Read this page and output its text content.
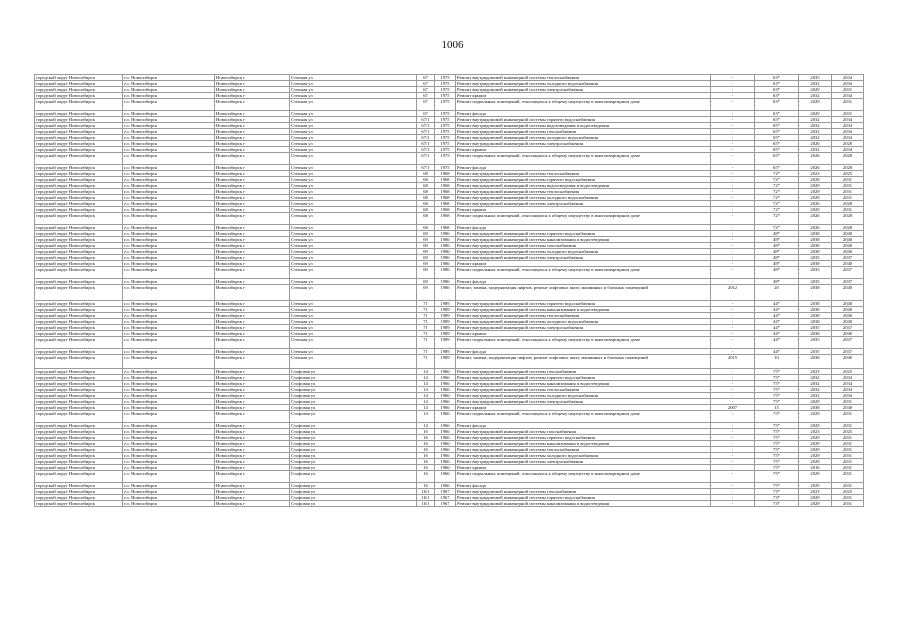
1006
городской округ Новосибирск	г.о. Новосибирск	Новосибирск г	Степная ул	67	1975	Ремонт внутридомовой инженерной системы теплоснабжения	-	63*	2035	2034
городской округ Новосибирск	г.о. Новосибирск	Новосибирск г	Степная ул	67	1975	Ремонт внутридомовой инженерной системы холодного водоснабжения	-	63*	2032	2034
городской округ Новосибирск	г.о. Новосибирск	Новосибирск г	Степная ул	67	1975	Ремонт внутридомовой инженерной системы электроснабжения	-	63*	2029	2031
городской округ Новосибирск	г.о. Новосибирск	Новосибирск г	Степная ул	67	1975	Ремонт крыши	-	63*	2032	2034
городской округ Новосибирск	г.о. Новосибирск	Новосибирск г	Степная ул	67	1975	Ремонт подвальных помещений, относящихся к общему имуществу в многоквартирном доме	-	63*	2029	2031
городской округ Новосибирск	г.о. Новосибирск	Новосибирск г	Степная ул	67	1975	Ремонт фасада	-	63*	2029	2031
городской округ Новосибирск	г.о. Новосибирск	Новосибирск г	Степная ул	67/1	1975	Ремонт внутридомовой инженерной системы горячего водоснабжения	-	65*	2032	2034
городской округ Новосибирск	г.о. Новосибирск	Новосибирск г	Степная ул	67/1	1975	Ремонт внутридомовой инженерной системы водоотведения и водоотведения	-	65*	2032	2034
городской округ Новосибирск	г.о. Новосибирск	Новосибирск г	Степная ул	67/1	1975	Ремонт внутридомовой инженерной системы газоснабжения	-	65*	2032	2034
городской округ Новосибирск	г.о. Новосибирск	Новосибирск г	Степная ул	67/1	1975	Ремонт внутридомовой инженерной системы холодного водоснабжения	-	65*	2032	2034
городской округ Новосибирск	г.о. Новосибирск	Новосибирск г	Степная ул	67/1	1975	Ремонт внутридомовой инженерной системы электроснабжения	-	65*	2026	2028
городской округ Новосибирск	г.о. Новосибирск	Новосибирск г	Степная ул	67/1	1975	Ремонт крыши	-	65*	2032	2034
городской округ Новосибирск	г.о. Новосибирск	Новосибирск г	Степная ул	67/1	1975	Ремонт подвальных помещений, относящихся к общему имуществу в многоквартирном доме	-	65*	2026	2028
городской округ Новосибирск	г.о. Новосибирск	Новосибирск г	Степная ул	67/1	1975	Ремонт фасада	-	65*	2026	2028
городской округ Новосибирск	г.о. Новосибирск	Новосибирск г	Степная ул	68	1968	Ремонт внутридомовой инженерной системы теплоснабжения	-	72*	2023	2025
городской округ Новосибирск	г.о. Новосибирск	Новосибирск г	Степная ул	68	1968	Ремонт внутридомовой инженерной системы горячего водоснабжения	-	72*	2028	2031
городской округ Новосибирск	г.о. Новосибирск	Новосибирск г	Степная ул	68	1968	Ремонт внутридомовой инженерной системы водоотведения и водоотведения	-	72*	2029	2031
городской округ Новосибирск	г.о. Новосибирск	Новосибирск г	Степная ул	68	1968	Ремонт внутридомовой инженерной системы теплоснабжения	-	72*	2029	2031
городской округ Новосибирск	г.о. Новосибирск	Новосибирск г	Степная ул	68	1968	Ремонт внутридомовой инженерной системы холодного водоснабжения	-	72*	2029	2031
городской округ Новосибирск	г.о. Новосибирск	Новосибирск г	Степная ул	68	1968	Ремонт внутридомовой инженерной системы электроснабжения	-	72*	2026	2028
городской округ Новосибирск	г.о. Новосибирск	Новосибирск г	Степная ул	68	1968	Ремонт крыши	-	72*	2029	2031
городской округ Новосибирск	г.о. Новосибирск	Новосибирск г	Степная ул	68	1968	Ремонт подвальных помещений, относящихся к общему имуществу в многоквартирном доме	-	72*	2026	2028
городской округ Новосибирск	г.о. Новосибирск	Новосибирск г	Степная ул	68	1968	Ремонт фасада	-	72*	2026	2028
городской округ Новосибирск	г.о. Новосибирск	Новосибирск г	Степная ул	69	1986	Ремонт внутридомовой инженерной системы горячего водоснабжения	-	48*	2038	2040
городской округ Новосибирск	г.о. Новосибирск	Новосибирск г	Степная ул	69	1986	Ремонт внутридомовой инженерной системы канализования и водоотведения	-	48*	2038	2040
городской округ Новосибирск	г.о. Новосибирск	Новосибирск г	Степная ул	69	1986	Ремонт внутридомовой инженерной системы газоснабжения	-	48*	2038	2040
городской округ Новосибирск	г.о. Новосибирск	Новосибирск г	Степная ул	69	1986	Ремонт внутридомовой инженерной системы холодного водоснабжения	-	48*	2038	2040
городской округ Новосибирск	г.о. Новосибирск	Новосибирск г	Степная ул	69	1986	Ремонт внутридомовой инженерной системы электроснабжения	-	48*	2035	2037
городской округ Новосибирск	г.о. Новосибирск	Новосибирск г	Степная ул	69	1986	Ремонт крыши	-	48*	2038	2040
городской округ Новосибирск	г.о. Новосибирск	Новосибирск г	Степная ул	69	1986	Ремонт подвальных помещений, относящихся к общему имуществу в многоквартирном доме	-	48*	2035	2037
городской округ Новосибирск	г.о. Новосибирск	Новосибирск г	Степная ул	69	1986	Ремонт фасада	-	48*	2035	2037
городской округ Новосибирск	г.о. Новосибирск	Новосибирск г	Степная ул	69	1986	Ремонт, замена, модернизация лифтов, ремонт лифтовых шахт, машинных и блочных помещений	2012	20	2038	2040
городской округ Новосибирск	г.о. Новосибирск	Новосибирск г	Степная ул	71	1989	Ремонт внутридомовой инженерной системы горячего водоснабжения	-	44*	2038	2040
городской округ Новосибирск	г.о. Новосибирск	Новосибирск г	Степная ул	71	1989	Ремонт внутридомовой инженерной системы канализования и водоотведения	-	44*	2038	2040
городской округ Новосибирск	г.о. Новосибирск	Новосибирск г	Степная ул	71	1989	Ремонт внутридомовой инженерной системы теплоснабжения	-	44*	2038	2040
городской округ Новосибирск	г.о. Новосибирск	Новосибирск г	Степная ул	71	1989	Ремонт внутридомовой инженерной системы холодного водоснабжения	-	44*	2038	2040
городской округ Новосибирск	г.о. Новосибирск	Новосибирск г	Степная ул	71	1989	Ремонт внутридомовой инженерной системы электроснабжения	-	44*	2035	2037
городской округ Новосибирск	г.о. Новосибирск	Новосибирск г	Степная ул	71	1989	Ремонт крыши	-	44*	2038	2040
городской округ Новосибирск	г.о. Новосибирск	Новосибирск г	Степная ул	71	1989	Ремонт подвальных помещений, относящихся к общему имуществу в многоквартирном доме	-	44*	2035	2037
городской округ Новосибирск	г.о. Новосибирск	Новосибирск г	Степная ул	71	1989	Ремонт фасада	-	44*	2035	2037
городской округ Новосибирск	г.о. Новосибирск	Новосибирск г	Степная ул	71	1989	Ремонт, замена, модернизация лифтов, ремонт лифтовых шахт, машинных и блочных помещений	2015	10	2038	2040
городской округ Новосибирск	г.о. Новосибирск	Новосибирск г	Стофовая ул	14	1966	Ремонт внутридомовой инженерной системы газоснабжения	-	75*	2023	2025
городской округ Новосибирск	г.о. Новосибирск	Новосибирск г	Стофовая ул	14	1966	Ремонт внутридомовой инженерной системы горячего водоснабжения	-	75*	2032	2034
городской округ Новосибирск	г.о. Новосибирск	Новосибирск г	Стофовая ул	14	1966	Ремонт внутридомовой инженерной системы канализования и водоотведения	-	75*	2032	2034
городской округ Новосибирск	г.о. Новосибирск	Новосибирск г	Стофовая ул	14	1966	Ремонт внутридомовой инженерной системы теплоснабжения	-	75*	2032	2034
городской округ Новосибирск	г.о. Новосибирск	Новосибирск г	Стофовая ул	14	1966	Ремонт внутридомовой инженерной системы холодного водоснабжения	-	75*	2032	2034
городской округ Новосибирск	г.о. Новосибирск	Новосибирск г	Стофовая ул	14	1966	Ремонт внутридомовой инженерной системы электроснабжения	-	75*	2029	2031
городской округ Новосибирск	г.о. Новосибирск	Новосибирск г	Стофовая ул	14	1966	Ремонт крыши	2007	15	2038	2040
городской округ Новосибирск	г.о. Новосибирск	Новосибирск г	Стофовая ул	14	1966	Ремонт подвальных помещений, относящихся к общему имуществу в многоквартирном доме	-	75*	2029	2031
городской округ Новосибирск	г.о. Новосибирск	Новосибирск г	Стофовая ул	14	1966	Ремонт фасада	-	75*	2029	2031
городской округ Новосибирск	г.о. Новосибирск	Новосибирск г	Стофовая ул	16	1966	Ремонт внутридомовой инженерной системы газоснабжения	-	75*	2023	2025
городской округ Новосибирск	г.о. Новосибирск	Новосибирск г	Стофовая ул	16	1966	Ремонт внутридомовой инженерной системы горячего водоснабжения	-	75*	2029	2031
городской округ Новосибирск	г.о. Новосибирск	Новосибирск г	Стофовая ул	16	1966	Ремонт внутридомовой инженерной системы канализования и водоотведения	-	75*	2029	2031
городской округ Новосибирск	г.о. Новосибирск	Новосибирск г	Стофовая ул	16	1966	Ремонт внутридомовой инженерной системы теплоснабжения	-	75*	2029	2031
городской округ Новосибирск	г.о. Новосибирск	Новосибирск г	Стофовая ул	16	1966	Ремонт внутридомовой инженерной системы холодного водоснабжения	-	75*	2029	2031
городской округ Новосибирск	г.о. Новосибирск	Новосибирск г	Стофовая ул	16	1966	Ремонт внутридомовой инженерной системы электроснабжения	-	75*	2029	2031
городской округ Новосибирск	г.о. Новосибирск	Новосибирск г	Стофовая ул	16	1966	Ремонт крыши	-	75*	2016	2031
городской округ Новосибирск	г.о. Новосибирск	Новосибирск г	Стофовая ул	16	1966	Ремонт подвальных помещений, относящихся к общему имуществу в многоквартирном доме	-	75*	2029	2031
городской округ Новосибирск	г.о. Новосибирск	Новосибирск г	Стофовая ул	16	1966	Ремонт фасада	-	75*	2029	2031
городской округ Новосибирск	г.о. Новосибирск	Новосибирск г	Стофовая ул	16/1	1967	Ремонт внутридомовой инженерной системы газоснабжения	-	73*	2023	2025
городской округ Новосибирск	г.о. Новосибирск	Новосибирск г	Стофовая ул	16/1	1967	Ремонт внутридомовой инженерной системы горячего водоснабжения	-	73*	2029	2031
городской округ Новосибирск	г.о. Новосибирск	Новосибирск г	Стофовая ул	16/1	1967	Ремонт внутридомовой инженерной системы канализования и водоотведения	-	73*	2029	2031
